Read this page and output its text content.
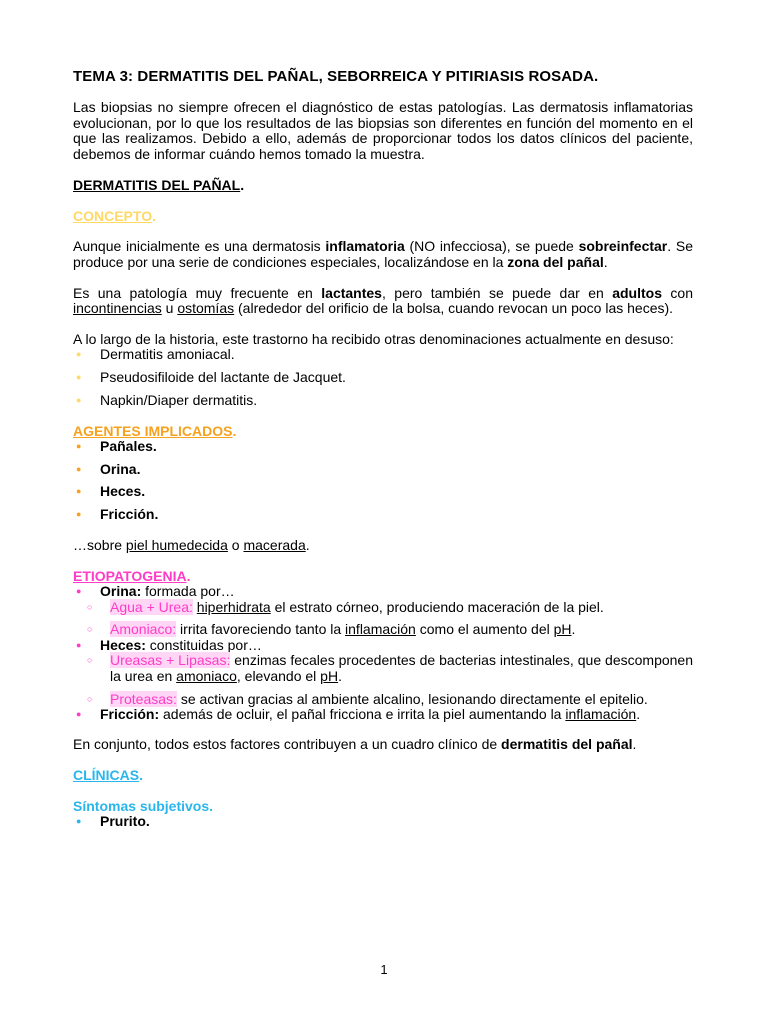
TEMA 3: DERMATITIS DEL PAÑAL, SEBORREICA Y PITIRIASIS ROSADA.

Las biopsias no siempre ofrecen el diagnóstico de estas patologías. Las dermatosis inflamatorias evolucionan, por lo que los resultados de las biopsias son diferentes en función del momento en el que las realizamos. Debido a ello, además de proporcionar todos los datos clínicos del paciente, debemos de informar cuándo hemos tomado la muestra.

DERMATITIS DEL PAÑAL.

CONCEPTO.

Aunque inicialmente es una dermatosis inflamatoria (NO infecciosa), se puede sobreinfectar. Se produce por una serie de condiciones especiales, localizándose en la zona del pañal.

Es una patología muy frecuente en lactantes, pero también se puede dar en adultos con incontinencias u ostomías (alrededor del orificio de la bolsa, cuando revocan un poco las heces).

A lo largo de la historia, este trastorno ha recibido otras denominaciones actualmente en desuso:

● Dermatitis amoniacal.
● Pseudosifiloide del lactante de Jacquet.
● Napkin/Diaper dermatitis.

AGENTES IMPLICADOS.

● Pañales.
● Orina.
● Heces.
● Fricción.

…sobre piel humedecida o macerada.

ETIOPATOGENIA.

● Orina: formada por…
○ Agua + Urea: hiperhidrata el estrato córneo, produciendo maceración de la piel.
○ Amoniaco: irrita favoreciendo tanto la inflamación como el aumento del pH.
● Heces: constituidas por…
○ Ureasas + Lipasas: enzimas fecales procedentes de bacterias intestinales, que descomponen la urea en amoniaco, elevando el pH.
○ Proteasas: se activan gracias al ambiente alcalino, lesionando directamente el epitelio.
● Fricción: además de ocluir, el pañal fricciona e irrita la piel aumentando la inflamación.

En conjunto, todos estos factores contribuyen a un cuadro clínico de dermatitis del pañal.

CLÍNICAS.

Síntomas subjetivos.

● Prurito.
1
